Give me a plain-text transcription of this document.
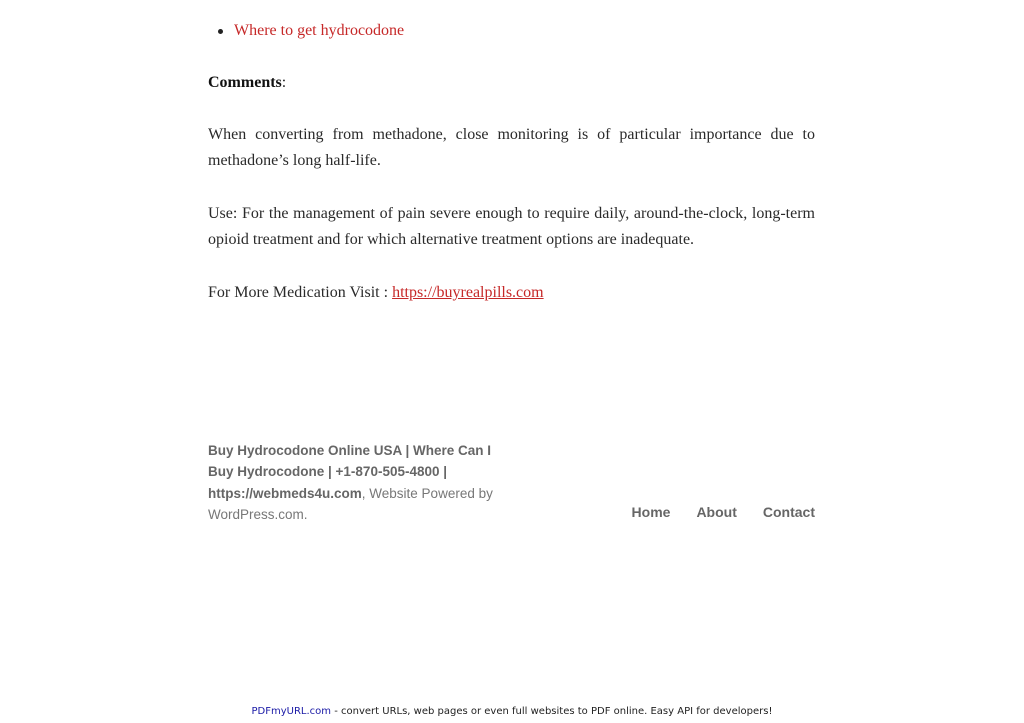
Where to get hydrocodone

Comments:

When converting from methadone, close monitoring is of particular importance due to methadone’s long half-life.

Use: For the management of pain severe enough to require daily, around-the-clock, long-term opioid treatment and for which alternative treatment options are inadequate.

For More Medication Visit : https://buyrealpills.com

Buy Hydrocodone Online USA | Where Can I Buy Hydrocodone | +1-870-505-4800 | https://webmeds4u.com, Website Powered by WordPress.com.	Home About Contact
PDFmyURL.com - convert URLs, web pages or even full websites to PDF online. Easy API for developers!
